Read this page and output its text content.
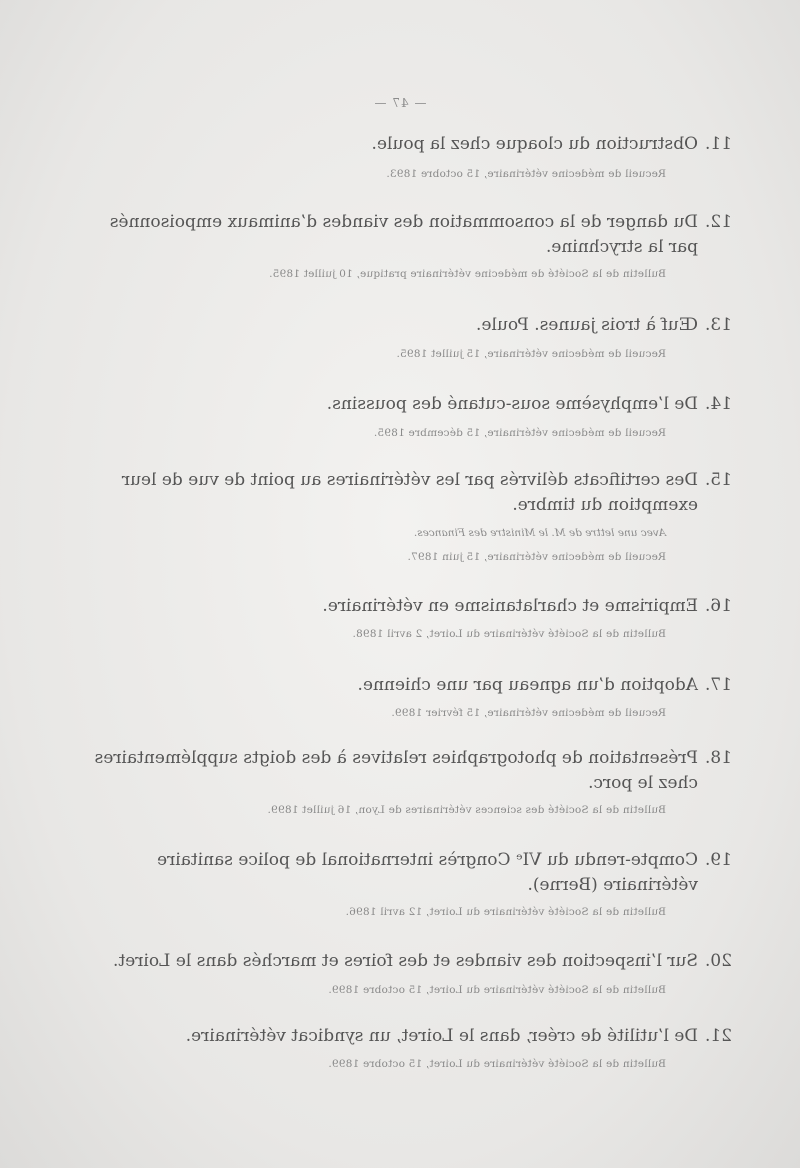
— 47 —
11.Obstruction du cloaque chez la poule.
Recueil de médecine vétérinaire, 15 octobre 1893.
12.Du danger de la consommation des viandes d’animaux empoisonnés
par la strychnine.
Bulletin de la Société de médecine vétérinaire pratique, 10 juillet 1895.
13.Œuf à trois jaunes. Poule.
Recueil de médecine vétérinaire, 15 juillet 1895.
14.De l’emphysème sous-cutané des poussins.
Recueil de médecine vétérinaire, 15 décembre 1895.
15.Des certificats délivrés par les vétérinaires au point de vue de leur
exemption du timbre.
Avec une lettre de M. le Ministre des Finances.
Recueil de médecine vétérinaire, 15 juin 1897.
16.Empirisme et charlatanisme en vétérinaire.
Bulletin de la Société vétérinaire du Loiret, 2 avril 1898.
17.Adoption d’un agneau par une chienne.
Recueil de médecine vétérinaire, 15 février 1899.
18.Présentation de photographies relatives à des doigts supplémentaires
chez le porc.
Bulletin de la Société des sciences vétérinaires de Lyon, 16 juillet 1899.
19.Compte-rendu du VIᵉ Congrès international de police sanitaire
vétérinaire (Berne).
Bulletin de la Société vétérinaire du Loiret, 12 avril 1896.
20.Sur l’inspection des viandes et des foires et marchés dans le Loiret.
Bulletin de la Société vétérinaire du Loiret, 15 octobre 1899.
21.De l’utilité de créer, dans le Loiret, un syndicat vétérinaire.
Bulletin de la Société vétérinaire du Loiret, 15 octobre 1899.
